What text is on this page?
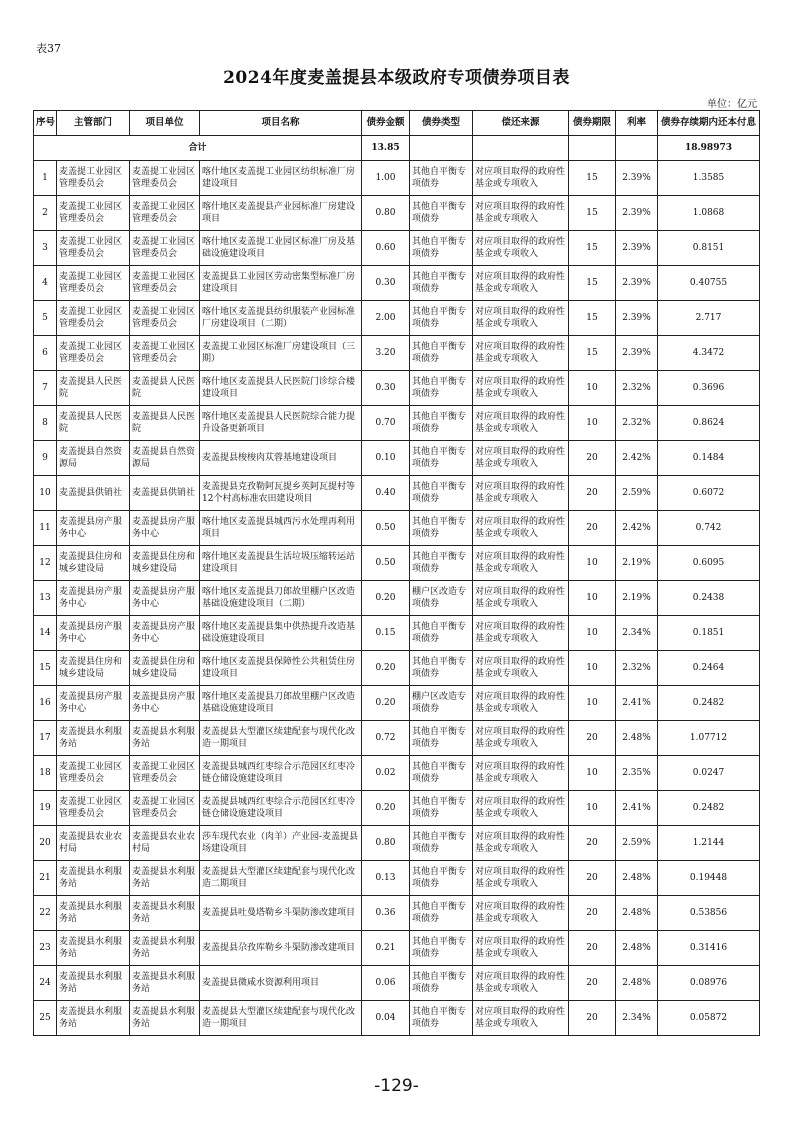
表37
2024年度麦盖提县本级政府专项债券项目表
单位：亿元
序号	主管部门	项目单位	项目名称	债券金额	债券类型	偿还来源	债券期限	利率	债券存续期内还本付息
合计				13.85					18.98973
1	麦盖提工业园区管理委员会	麦盖提工业园区管理委员会	喀什地区麦盖提工业园区纺织标准厂房建设项目	1.00	其他自平衡专项债券	对应项目取得的政府性基金或专项收入	15	2.39%	1.3585
2	麦盖提工业园区管理委员会	麦盖提工业园区管理委员会	喀什地区麦盖提县产业园标准厂房建设项目	0.80	其他自平衡专项债券	对应项目取得的政府性基金或专项收入	15	2.39%	1.0868
3	麦盖提工业园区管理委员会	麦盖提工业园区管理委员会	喀什地区麦盖提工业园区标准厂房及基础设施建设项目	0.60	其他自平衡专项债券	对应项目取得的政府性基金或专项收入	15	2.39%	0.8151
4	麦盖提工业园区管理委员会	麦盖提工业园区管理委员会	麦盖提县工业园区劳动密集型标准厂房建设项目	0.30	其他自平衡专项债券	对应项目取得的政府性基金或专项收入	15	2.39%	0.40755
5	麦盖提工业园区管理委员会	麦盖提工业园区管理委员会	喀什地区麦盖提县纺织服装产业园标准厂房建设项目（二期）	2.00	其他自平衡专项债券	对应项目取得的政府性基金或专项收入	15	2.39%	2.717
6	麦盖提工业园区管理委员会	麦盖提工业园区管理委员会	麦盖提工业园区标准厂房建设项目（三期）	3.20	其他自平衡专项债券	对应项目取得的政府性基金或专项收入	15	2.39%	4.3472
7	麦盖提县人民医院	麦盖提县人民医院	喀什地区麦盖提县人民医院门诊综合楼建设项目	0.30	其他自平衡专项债券	对应项目取得的政府性基金或专项收入	10	2.32%	0.3696
8	麦盖提县人民医院	麦盖提县人民医院	喀什地区麦盖提县人民医院综合能力提升设备更新项目	0.70	其他自平衡专项债券	对应项目取得的政府性基金或专项收入	10	2.32%	0.8624
9	麦盖提县自然资源局	麦盖提县自然资源局	麦盖提县梭梭肉苁蓉基地建设项目	0.10	其他自平衡专项债券	对应项目取得的政府性基金或专项收入	20	2.42%	0.1484
10	麦盖提县供销社	麦盖提县供销社	麦盖提县克孜勒阿瓦提乡英阿瓦提村等12个村高标准农田建设项目	0.40	其他自平衡专项债券	对应项目取得的政府性基金或专项收入	20	2.59%	0.6072
11	麦盖提县房产服务中心	麦盖提县房产服务中心	喀什地区麦盖提县城西污水处理再利用项目	0.50	其他自平衡专项债券	对应项目取得的政府性基金或专项收入	20	2.42%	0.742
12	麦盖提县住房和城乡建设局	麦盖提县住房和城乡建设局	喀什地区麦盖提县生活垃圾压缩转运站建设项目	0.50	其他自平衡专项债券	对应项目取得的政府性基金或专项收入	10	2.19%	0.6095
13	麦盖提县房产服务中心	麦盖提县房产服务中心	喀什地区麦盖提县刀郎故里棚户区改造基础设施建设项目（二期）	0.20	棚户区改造专项债券	对应项目取得的政府性基金或专项收入	10	2.19%	0.2438
14	麦盖提县房产服务中心	麦盖提县房产服务中心	喀什地区麦盖提县集中供热提升改造基础设施建设项目	0.15	其他自平衡专项债券	对应项目取得的政府性基金或专项收入	10	2.34%	0.1851
15	麦盖提县住房和城乡建设局	麦盖提县住房和城乡建设局	喀什地区麦盖提县保障性公共租赁住房建设项目	0.20	其他自平衡专项债券	对应项目取得的政府性基金或专项收入	10	2.32%	0.2464
16	麦盖提县房产服务中心	麦盖提县房产服务中心	喀什地区麦盖提县刀郎故里棚户区改造基础设施建设项目	0.20	棚户区改造专项债券	对应项目取得的政府性基金或专项收入	10	2.41%	0.2482
17	麦盖提县水利服务站	麦盖提县水利服务站	麦盖提县大型灌区续建配套与现代化改造一期项目	0.72	其他自平衡专项债券	对应项目取得的政府性基金或专项收入	20	2.48%	1.07712
18	麦盖提工业园区管理委员会	麦盖提工业园区管理委员会	麦盖提县城西红枣综合示范园区红枣冷链仓储设施建设项目	0.02	其他自平衡专项债券	对应项目取得的政府性基金或专项收入	10	2.35%	0.0247
19	麦盖提工业园区管理委员会	麦盖提工业园区管理委员会	麦盖提县城西红枣综合示范园区红枣冷链仓储设施建设项目	0.20	其他自平衡专项债券	对应项目取得的政府性基金或专项收入	10	2.41%	0.2482
20	麦盖提县农业农村局	麦盖提县农业农村局	莎车现代农业（肉羊）产业园-麦盖提县场建设项目	0.80	其他自平衡专项债券	对应项目取得的政府性基金或专项收入	20	2.59%	1.2144
21	麦盖提县水利服务站	麦盖提县水利服务站	麦盖提县大型灌区续建配套与现代化改造二期项目	0.13	其他自平衡专项债券	对应项目取得的政府性基金或专项收入	20	2.48%	0.19448
22	麦盖提县水利服务站	麦盖提县水利服务站	麦盖提县吐曼塔勒乡斗渠防渗改建项目	0.36	其他自平衡专项债券	对应项目取得的政府性基金或专项收入	20	2.48%	0.53856
23	麦盖提县水利服务站	麦盖提县水利服务站	麦盖提县尕孜库勒乡斗渠防渗改建项目	0.21	其他自平衡专项债券	对应项目取得的政府性基金或专项收入	20	2.48%	0.31416
24	麦盖提县水利服务站	麦盖提县水利服务站	麦盖提县微咸水资源利用项目	0.06	其他自平衡专项债券	对应项目取得的政府性基金或专项收入	20	2.48%	0.08976
25	麦盖提县水利服务站	麦盖提县水利服务站	麦盖提县大型灌区续建配套与现代化改造一期项目	0.04	其他自平衡专项债券	对应项目取得的政府性基金或专项收入	20	2.34%	0.05872
-129-
